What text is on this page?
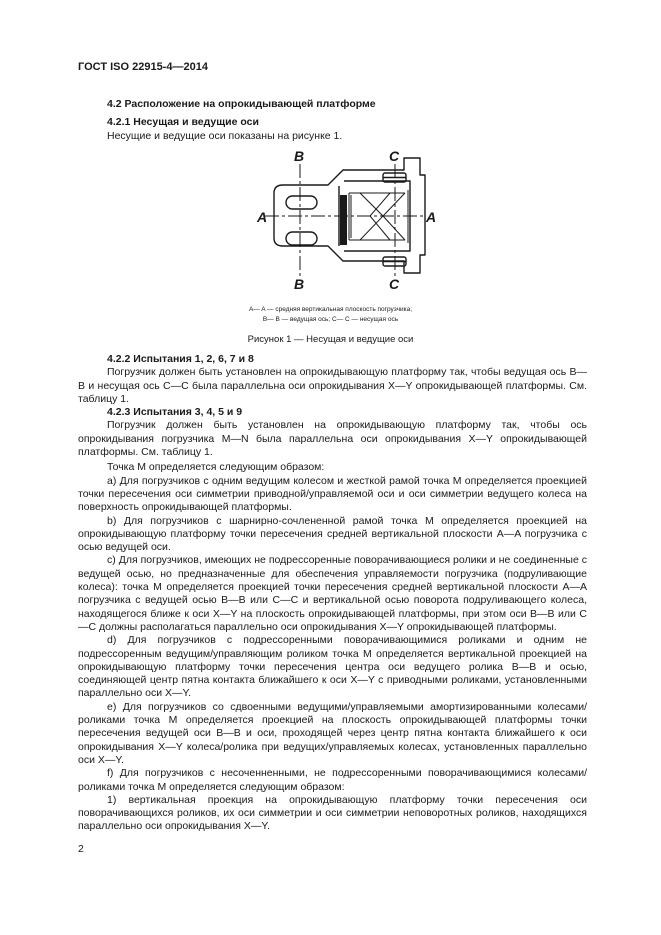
ГОСТ ISO 22915-4—2014
4.2 Расположение на опрокидывающей платформе
4.2.1 Несущая и ведущие оси
Несущие и ведущие оси показаны на рисунке 1.
B
B
C
C
A	A
A— A — средняя вертикальная плоскость погрузчика;
B— B — ведущая ось; C— C — несущая ось
Рисунок 1 — Несущая и ведущие оси

4.2.2 Испытания 1, 2, 6, 7 и 8

Погрузчик должен быть установлен на опрокидывающую платформу так, чтобы ведущая ось B—B и несущая ось C—C была параллельна оси опрокидывания X—Y опрокидывающей платформы. См. таблицу 1.

4.2.3 Испытания 3, 4, 5 и 9

Погрузчик должен быть установлен на опрокидывающую платформу так, чтобы ось опрокидывания погрузчика M—N была параллельна оси опрокидывания X—Y опрокидывающей платформы. См. таблицу 1.

Точка M определяется следующим образом:

а) Для погрузчиков с одним ведущим колесом и жесткой рамой точка M определяется проекцией точки пересечения оси симметрии приводной/управляемой оси и оси симметрии ведущего колеса на поверхность опрокидывающей платформы.

b) Для погрузчиков с шарнирно-сочлененной рамой точка M определяется проекцией на опрокидывающую платформу точки пересечения средней вертикальной плоскости A—A погрузчика с осью ведущей оси.

с) Для погрузчиков, имеющих не подрессоренные поворачивающиеся ролики и не соединенные с ведущей осью, но предназначенные для обеспечения управляемости погрузчика (подруливающие колеса): точка M определяется проекцией точки пересечения средней вертикальной плоскости A—A погрузчика с ведущей осью B—B или C—C и вертикальной осью поворота подруливающего колеса, находящегося ближе к оси X—Y на плоскость опрокидывающей платформы, при этом оси B—B или C—C должны располагаться параллельно оси опрокидывания X—Y опрокидывающей платформы.

d) Для погрузчиков с подрессоренными поворачивающимися роликами и одним не подрессоренным ведущим/управляющим роликом точка M определяется вертикальной проекцией на опрокидывающую платформу точки пересечения центра оси ведущего ролика B—B и осью, соединяющей центр пятна контакта ближайшего к оси X—Y с приводными роликами, установленными параллельно оси X—Y.

е) Для погрузчиков со сдвоенными ведущими/управляемыми амортизированными колесами/роликами точка M определяется проекцией на плоскость опрокидывающей платформы точки пересечения ведущей оси B—B и оси, проходящей через центр пятна контакта ближайшего к оси опрокидывания X—Y колеса/ролика при ведущих/управляемых колесах, установленных параллельно оси X—Y.

f) Для погрузчиков с несоченненными, не подрессоренными поворачивающимися колесами/роликами точка M определяется следующим образом:

1) вертикальная проекция на опрокидывающую платформу точки пересечения оси поворачивающихся роликов, их оси симметрии и оси симметрии неповоротных роликов, находящихся параллельно оси опрокидывания X—Y.

2
